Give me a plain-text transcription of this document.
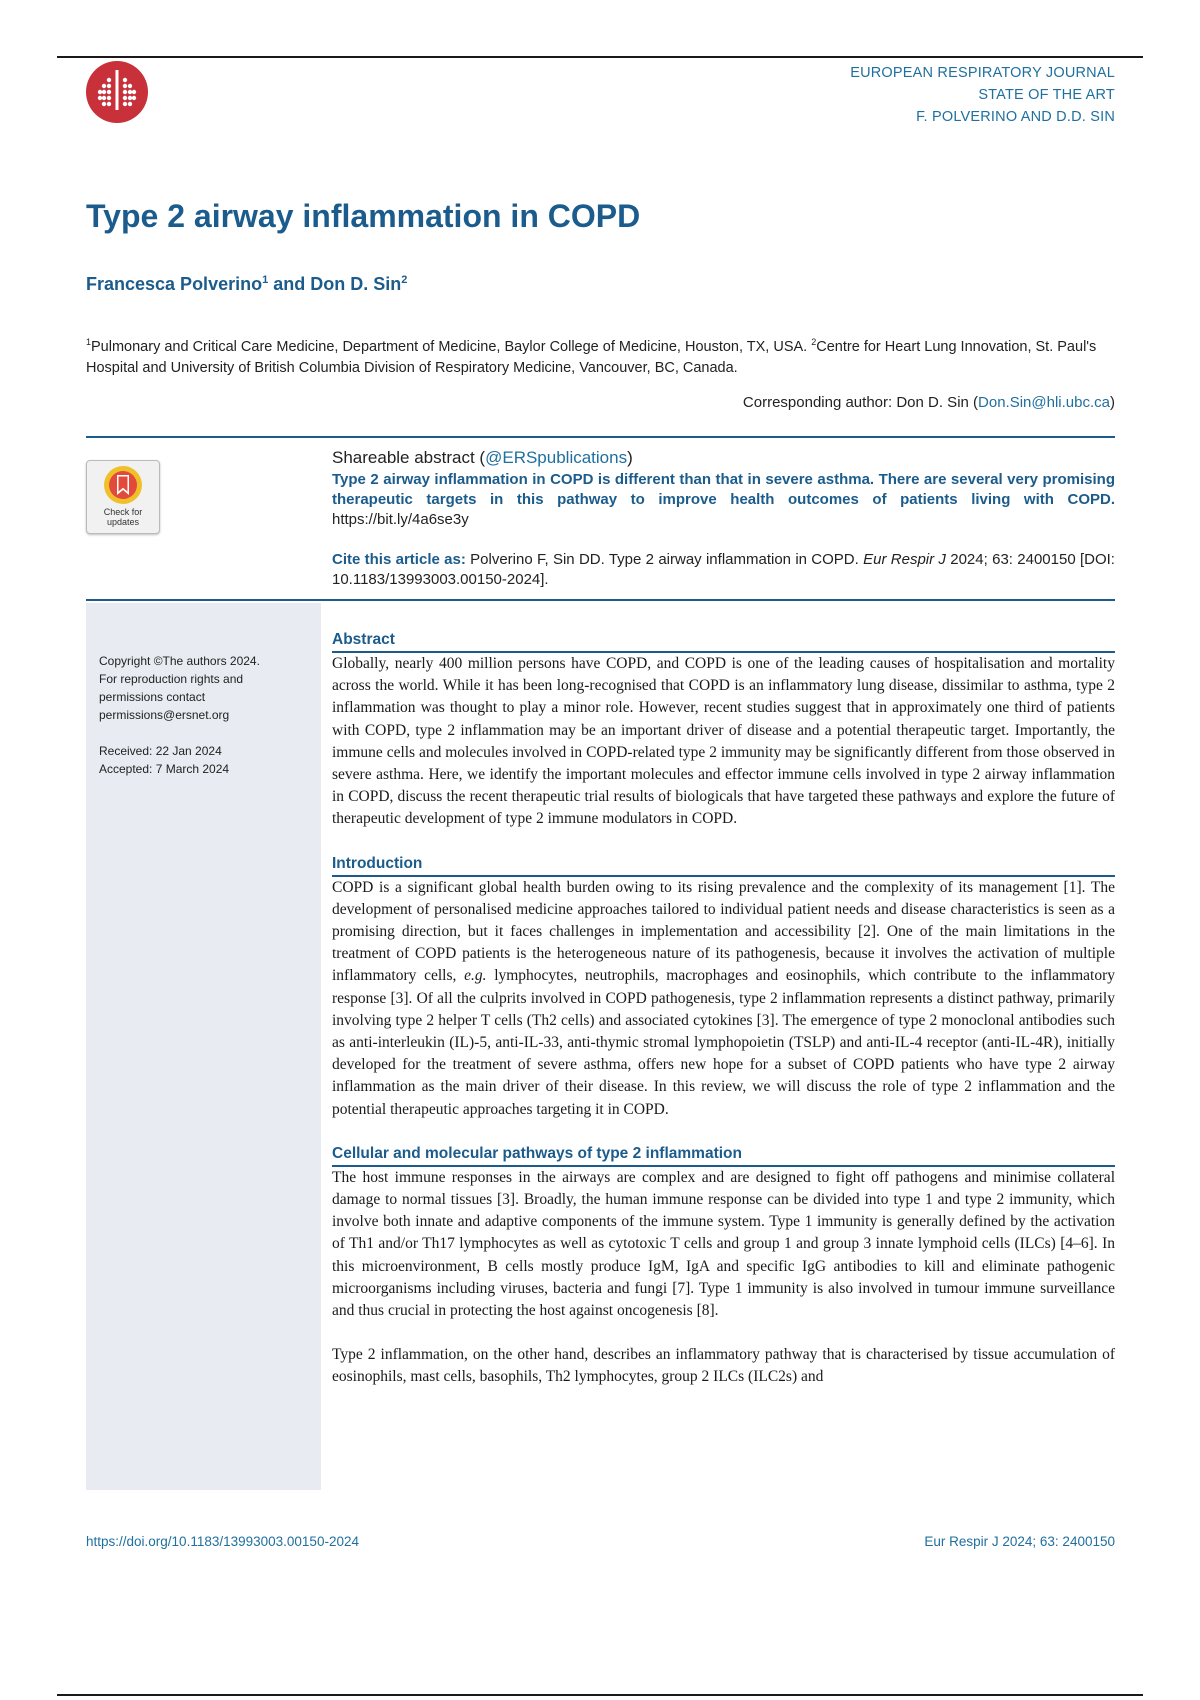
EUROPEAN RESPIRATORY JOURNAL
STATE OF THE ART
F. POLVERINO AND D.D. SIN
Type 2 airway inflammation in COPD
Francesca Polverino$^1$ and Don D. Sin$^2$
$^1$Pulmonary and Critical Care Medicine, Department of Medicine, Baylor College of Medicine, Houston, TX, USA. $^2$Centre for Heart Lung Innovation, St. Paul's Hospital and University of British Columbia Division of Respiratory Medicine, Vancouver, BC, Canada.
Corresponding author: Don D. Sin (Don.Sin@hli.ubc.ca)
Check for updates
Shareable abstract (@ERSpublications)
Type 2 airway inflammation in COPD is different than that in severe asthma. There are several very promising therapeutic targets in this pathway to improve health outcomes of patients living with COPD. https://bit.ly/4a6se3y
Cite this article as: Polverino F, Sin DD. Type 2 airway inflammation in COPD. Eur Respir J 2024; 63: 2400150 [DOI: 10.1183/13993003.00150-2024].
Copyright ©The authors 2024.
For reproduction rights and
permissions contact
permissions@ersnet.org
Received: 22 Jan 2024
Accepted: 7 March 2024
Abstract

Globally, nearly 400 million persons have COPD, and COPD is one of the leading causes of hospitalisation and mortality across the world. While it has been long-recognised that COPD is an inflammatory lung disease, dissimilar to asthma, type 2 inflammation was thought to play a minor role. However, recent studies suggest that in approximately one third of patients with COPD, type 2 inflammation may be an important driver of disease and a potential therapeutic target. Importantly, the immune cells and molecules involved in COPD-related type 2 immunity may be significantly different from those observed in severe asthma. Here, we identify the important molecules and effector immune cells involved in type 2 airway inflammation in COPD, discuss the recent therapeutic trial results of biologicals that have targeted these pathways and explore the future of therapeutic development of type 2 immune modulators in COPD.

Introduction

COPD is a significant global health burden owing to its rising prevalence and the complexity of its management [1]. The development of personalised medicine approaches tailored to individual patient needs and disease characteristics is seen as a promising direction, but it faces challenges in implementation and accessibility [2]. One of the main limitations in the treatment of COPD patients is the heterogeneous nature of its pathogenesis, because it involves the activation of multiple inflammatory cells, e.g. lymphocytes, neutrophils, macrophages and eosinophils, which contribute to the inflammatory response [3]. Of all the culprits involved in COPD pathogenesis, type 2 inflammation represents a distinct pathway, primarily involving type 2 helper T cells (Th2 cells) and associated cytokines [3]. The emergence of type 2 monoclonal antibodies such as anti-interleukin (IL)-5, anti-IL-33, anti-thymic stromal lymphopoietin (TSLP) and anti-IL-4 receptor (anti-IL-4R), initially developed for the treatment of severe asthma, offers new hope for a subset of COPD patients who have type 2 airway inflammation as the main driver of their disease. In this review, we will discuss the role of type 2 inflammation and the potential therapeutic approaches targeting it in COPD.

Cellular and molecular pathways of type 2 inflammation

The host immune responses in the airways are complex and are designed to fight off pathogens and minimise collateral damage to normal tissues [3]. Broadly, the human immune response can be divided into type 1 and type 2 immunity, which involve both innate and adaptive components of the immune system. Type 1 immunity is generally defined by the activation of Th1 and/or Th17 lymphocytes as well as cytotoxic T cells and group 1 and group 3 innate lymphoid cells (ILCs) [4–6]. In this microenvironment, B cells mostly produce IgM, IgA and specific IgG antibodies to kill and eliminate pathogenic microorganisms including viruses, bacteria and fungi [7]. Type 1 immunity is also involved in tumour immune surveillance and thus crucial in protecting the host against oncogenesis [8].

Type 2 inflammation, on the other hand, describes an inflammatory pathway that is characterised by tissue accumulation of eosinophils, mast cells, basophils, Th2 lymphocytes, group 2 ILCs (ILC2s) and

https://doi.org/10.1183/13993003.00150-2024	Eur Respir J 2024; 63: 2400150
